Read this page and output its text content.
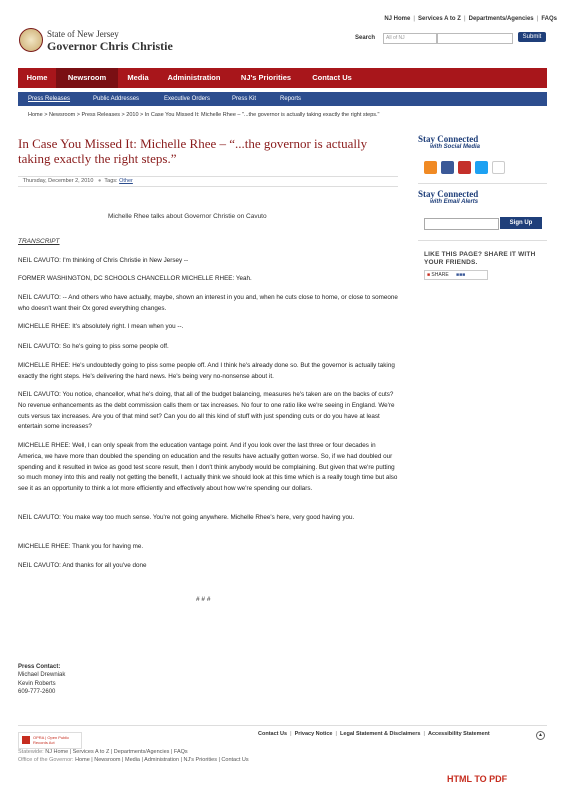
NJ Home | Services A to Z | Departments/Agencies | FAQs
State of New Jersey
Governor Chris Christie
Search	All of NJ	Submit
Home	Newsroom	Media	Administration	NJ's Priorities	Contact Us
Press Releases	Public Addresses	Executive Orders	Press Kit	Reports
Home > Newsroom > Press Releases > 2010 > In Case You Missed It: Michelle Rhee – "...the governor is actually taking exactly the right steps."
In Case You Missed It: Michelle Rhee – “...the governor is actually taking exactly the right steps.”
Thursday, December 2, 2010 ● Tags: Other
Michelle Rhee talks about Governor Christie on Cavuto
TRANSCRIPT
NEIL CAVUTO: I'm thinking of Chris Christie in New Jersey --
FORMER WASHINGTON, DC SCHOOLS CHANCELLOR MICHELLE RHEE: Yeah.
NEIL CAVUTO: -- And others who have actually, maybe, shown an interest in you and, when he cuts close to home, or close to someone who doesn't want their Ox gored everything changes.
MICHELLE RHEE: It's absolutely right. I mean when you --.
NEIL CAVUTO: So he's going to piss some people off.
MICHELLE RHEE: He's undoubtedly going to piss some people off. And I think he's already done so. But the governor is actually taking exactly the right steps. He's delivering the hard news. He's being very no-nonsense about it.
NEIL CAVUTO: You notice, chancellor, what he's doing, that all of the budget balancing, measures he's taken are on the backs of cuts? No revenue enhancements as the debt commission calls them or tax increases. No four to one ratio like we're seeing in England. We're cuts versus tax increases. Are you of that mind set? Can you do all this kind of stuff with just spending cuts or do you have at least entertain some increases?
MICHELLE RHEE: Well, I can only speak from the education vantage point. And if you look over the last three or four decades in America, we have more than doubled the spending on education and the results have actually gotten worse. So, if we had doubled our spending and it resulted in twice as good test score result, then I don't think anybody would be complaining. But given that we're putting so much money into this and really not getting the benefit, I actually think we should look at this time which is a really tough time but also see it as an opportunity to think a lot more efficiently and effectively about how we're spending our dollars.
NEIL CAVUTO: You make way too much sense. You're not going anywhere. Michelle Rhee's here, very good having you.
MICHELLE RHEE: Thank you for having me.
NEIL CAVUTO: And thanks for all you've done
# # #
Press Contact:
Michael Drewniak
Kevin Roberts
609-777-2600
Stay Connected
with Social Media
Stay Connected
with Email Alerts
Sign Up
LIKE THIS PAGE? SHARE IT WITH YOUR FRIENDS.
■ SHARE ■■■
OPRA | Open Public Records Act
Contact Us | Privacy Notice | Legal Statement & Disclaimers | Accessibility Statement	▲
Statewide: NJ Home | Services A to Z | Departments/Agencies | FAQs
Office of the Governor: Home | Newsroom | Media | Administration | NJ's Priorities | Contact Us
HTML TO PDF
